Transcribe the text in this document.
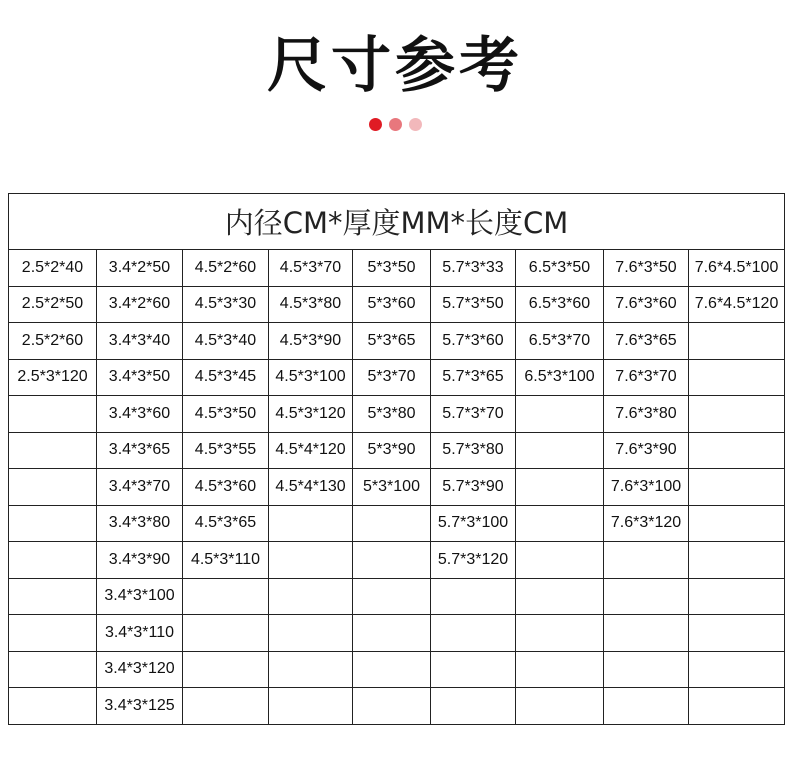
尺寸参考
内径CM*厚度MM*长度CM								
2.5*2*40	3.4*2*50	4.5*2*60	4.5*3*70	5*3*50	5.7*3*33	6.5*3*50	7.6*3*50	7.6*4.5*100
2.5*2*50	3.4*2*60	4.5*3*30	4.5*3*80	5*3*60	5.7*3*50	6.5*3*60	7.6*3*60	7.6*4.5*120
2.5*2*60	3.4*3*40	4.5*3*40	4.5*3*90	5*3*65	5.7*3*60	6.5*3*70	7.6*3*65	
2.5*3*120	3.4*3*50	4.5*3*45	4.5*3*100	5*3*70	5.7*3*65	6.5*3*100	7.6*3*70	
	3.4*3*60	4.5*3*50	4.5*3*120	5*3*80	5.7*3*70		7.6*3*80	
	3.4*3*65	4.5*3*55	4.5*4*120	5*3*90	5.7*3*80		7.6*3*90	
	3.4*3*70	4.5*3*60	4.5*4*130	5*3*100	5.7*3*90		7.6*3*100	
	3.4*3*80	4.5*3*65			5.7*3*100		7.6*3*120	
	3.4*3*90	4.5*3*110			5.7*3*120			
	3.4*3*100							
	3.4*3*110							
	3.4*3*120							
	3.4*3*125							
